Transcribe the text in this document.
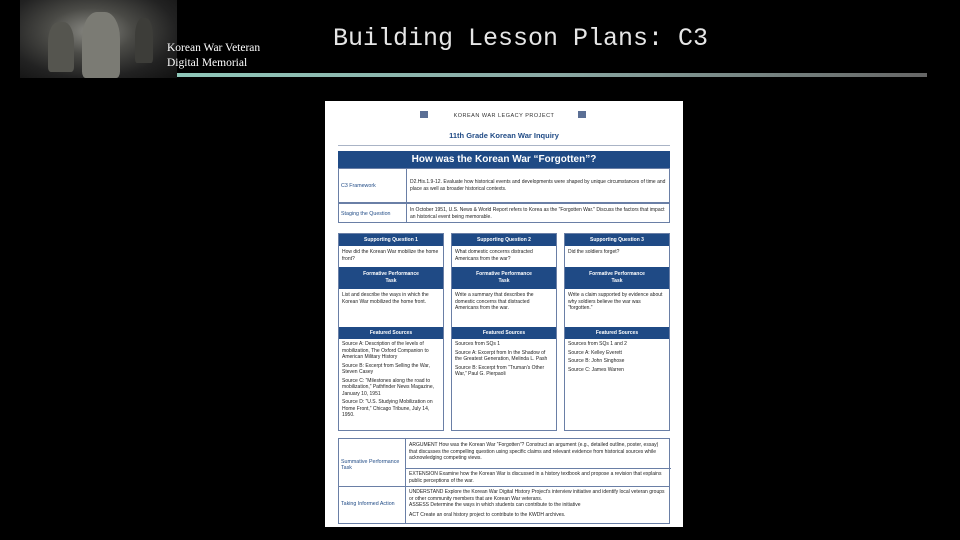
Korean War Veteran
Digital Memorial
Building Lesson Plans: C3
KOREAN WAR LEGACY PROJECT
11th Grade Korean War Inquiry
How was the Korean War “Forgotten”?
C3 Framework
D2.His.1.9-12. Evaluate how historical events and developments were shaped by unique circumstances of time and place as well as broader historical contexts.
Staging the Question
In October 1951, U.S. News & World Report refers to Korea as the "Forgotten War." Discuss the factors that impact an historical event being memorable.
Supporting Question 1
How did the Korean War mobilize the home front?
Formative Performance Task
List and describe the ways in which the Korean War mobilized the home front.
Featured Sources
Source A: Description of the levels of mobilization, The Oxford Companion to American Military History
Source B: Excerpt from Selling the War, Steven Casey
Source C: “Milestones along the road to mobilization,” Pathfinder News Magazine, January 10, 1951
Source D: “U.S. Studying Mobilization on Home Front,” Chicago Tribune, July 14, 1950.
Supporting Question 2
What domestic concerns distracted Americans from the war?
Formative Performance Task
Write a summary that describes the domestic concerns that distracted Americans from the war.
Featured Sources
Sources from SQs 1
Source A: Excerpt from In the Shadow of the Greatest Generation, Melinda L. Pash
Source B: Excerpt from “Truman's Other War,” Paul G. Pierpaoli
Supporting Question 3
Did the soldiers forget?
Formative Performance Task
Write a claim supported by evidence about why soldiers believe the war was “forgotten.”
Featured Sources
Sources from SQs 1 and 2
Source A: Kelley Everett
Source B: John Singhose
Source C: James Warren
Summative Performance Task
Taking Informed Action
ARGUMENT How was the Korean War “Forgotten”? Construct an argument (e.g., detailed outline, poster, essay) that discusses the compelling question using specific claims and relevant evidence from historical sources while acknowledging competing views.
EXTENSION Examine how the Korean War is discussed in a history textbook and propose a revision that explains public perceptions of the war.
UNDERSTAND Explore the Korean War Digital History Project's interview initiative and identify local veteran groups or other community members that are Korean War veterans.
ASSESS Determine the ways in which students can contribute to the initiative
ACT Create an oral history project to contribute to the KWDH archives.
